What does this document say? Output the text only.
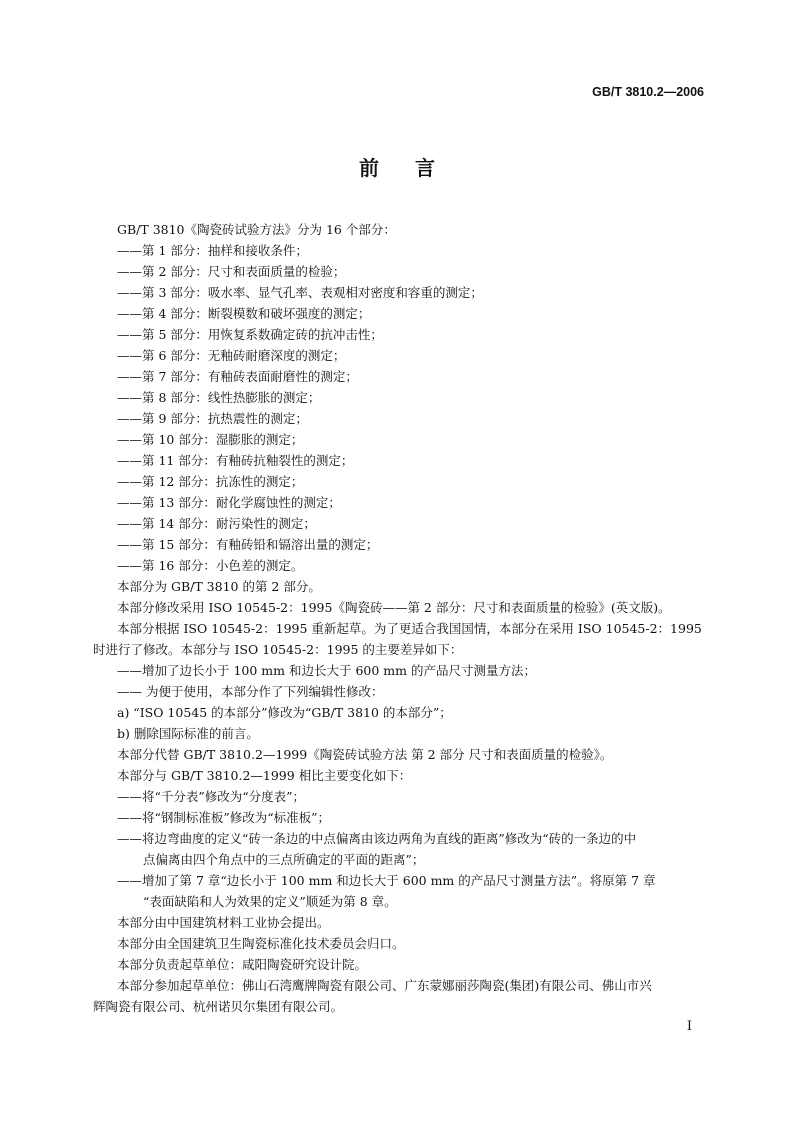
GB/T 3810.2—2006
前言
GB/T 3810《陶瓷砖试验方法》分为 16 个部分：
——第 1 部分：抽样和接收条件；
——第 2 部分：尺寸和表面质量的检验；
——第 3 部分：吸水率、显气孔率、表观相对密度和容重的测定；
——第 4 部分：断裂模数和破坏强度的测定；
——第 5 部分：用恢复系数确定砖的抗冲击性；
——第 6 部分：无釉砖耐磨深度的测定；
——第 7 部分：有釉砖表面耐磨性的测定；
——第 8 部分：线性热膨胀的测定；
——第 9 部分：抗热震性的测定；
——第 10 部分：湿膨胀的测定；
——第 11 部分：有釉砖抗釉裂性的测定；
——第 12 部分：抗冻性的测定；
——第 13 部分：耐化学腐蚀性的测定；
——第 14 部分：耐污染性的测定；
——第 15 部分：有釉砖铅和镉溶出量的测定；
——第 16 部分：小色差的测定。
本部分为 GB/T 3810 的第 2 部分。
本部分修改采用 ISO 10545-2：1995《陶瓷砖——第 2 部分：尺寸和表面质量的检验》(英文版)。
本部分根据 ISO 10545-2：1995 重新起草。为了更适合我国国情，本部分在采用 ISO 10545-2：1995
时进行了修改。本部分与 ISO 10545-2：1995 的主要差异如下：
——增加了边长小于 100 mm 和边长大于 600 mm 的产品尺寸测量方法；
—— 为便于使用，本部分作了下列编辑性修改：
a) “ISO 10545 的本部分”修改为“GB/T 3810 的本部分”；
b) 删除国际标准的前言。
本部分代替 GB/T 3810.2—1999《陶瓷砖试验方法 第 2 部分 尺寸和表面质量的检验》。
本部分与 GB/T 3810.2—1999 相比主要变化如下：
——将“千分表”修改为“分度表”；
——将“钢制标准板”修改为“标准板”；
——将边弯曲度的定义“砖一条边的中点偏离由该边两角为直线的距离”修改为“砖的一条边的中
点偏离由四个角点中的三点所确定的平面的距离”；
——增加了第 7 章“边长小于 100 mm 和边长大于 600 mm 的产品尺寸测量方法”。将原第 7 章
“表面缺陷和人为效果的定义”顺延为第 8 章。
本部分由中国建筑材料工业协会提出。
本部分由全国建筑卫生陶瓷标准化技术委员会归口。
本部分负责起草单位：咸阳陶瓷研究设计院。
本部分参加起草单位：佛山石湾鹰牌陶瓷有限公司、广东蒙娜丽莎陶瓷(集团)有限公司、佛山市兴
辉陶瓷有限公司、杭州诺贝尔集团有限公司。
I
